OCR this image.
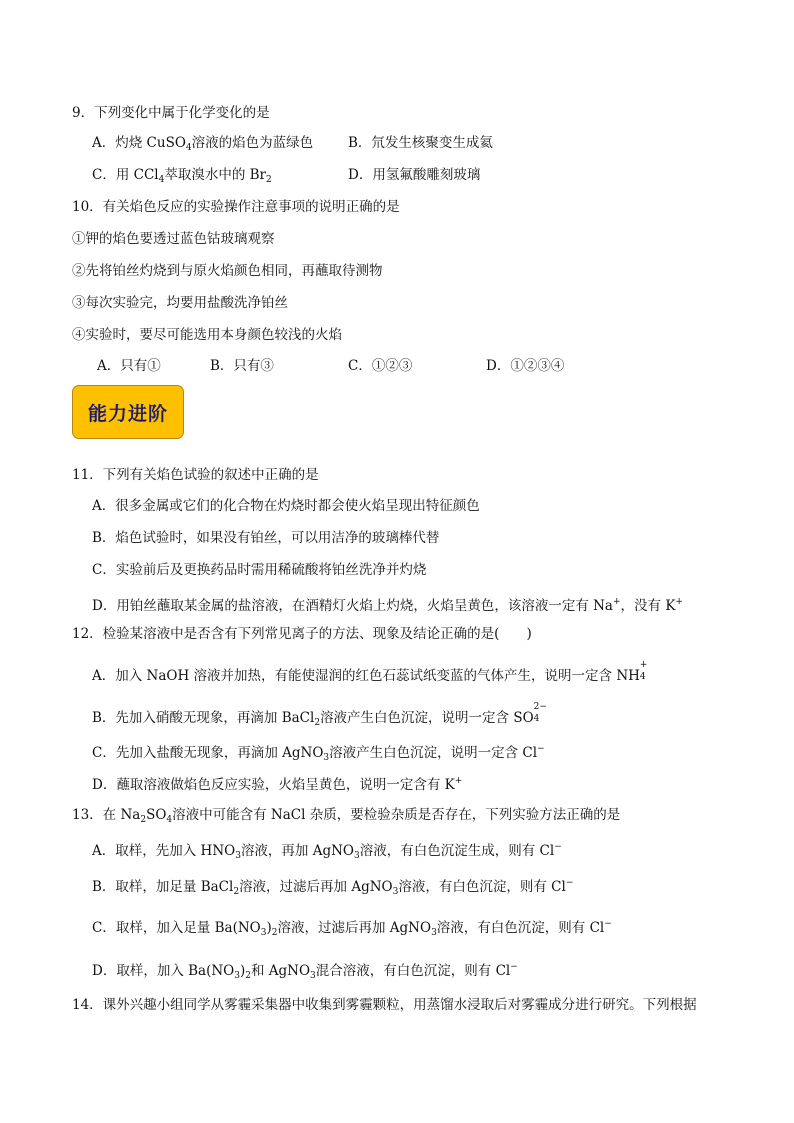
9．下列变化中属于化学变化的是
A．灼烧 CuSO$_4$溶液的焰色为蓝绿色	B．氘发生核聚变生成氦
C．用 CCl$_4$萃取溴水中的 $Br_2$	D．用氢氟酸雕刻玻璃
10．有关焰色反应的实验操作注意事项的说明正确的是
①钾的焰色要透过蓝色钴玻璃观察
②先将铂丝灼烧到与原火焰颜色相同，再蘸取待测物
③每次实验完，均要用盐酸洗净铂丝
④实验时，要尽可能选用本身颜色较浅的火焰
A．只有①	B．只有③	C．①②③	D．①②③④
能力进阶
11．下列有关焰色试验的叙述中正确的是
A．很多金属或它们的化合物在灼烧时都会使火焰呈现出特征颜色
B．焰色试验时，如果没有铂丝，可以用洁净的玻璃棒代替
C．实验前后及更换药品时需用稀硫酸将铂丝洗净并灼烧
D．用铂丝蘸取某金属的盐溶液，在酒精灯火焰上灼烧，火焰呈黄色，该溶液一定有 Na+，没有 K+
12．检验某溶液中是否含有下列常见离子的方法、现象及结论正确的是(　　)
A．加入 NaOH 溶液并加热，有能使湿润的红色石蕊试纸变蓝的气体产生，说明一定含 NH
+
4
B．先加入硝酸无现象，再滴加 BaCl$_2$溶液产生白色沉淀，说明一定含 SO
2−
4
C．先加入盐酸无现象，再滴加 AgNO$_3$溶液产生白色沉淀，说明一定含 Cl−
D．蘸取溶液做焰色反应实验，火焰呈黄色，说明一定含有 K+
13．在 $Na_2SO_4$溶液中可能含有 NaCl 杂质，要检验杂质是否存在，下列实验方法正确的是
A．取样，先加入 $HNO_3$溶液，再加 AgNO$_3$溶液，有白色沉淀生成，则有 Cl−
B．取样，加足量 BaCl$_2$溶液，过滤后再加 AgNO$_3$溶液，有白色沉淀，则有 Cl−
C．取样，加入足量 $Ba(NO_3)_2$溶液，过滤后再加 AgNO$_3$溶液，有白色沉淀，则有 Cl−
D．取样，加入 $Ba(NO_3)_2$和 AgNO$_3$混合溶液，有白色沉淀，则有 Cl−
14．课外兴趣小组同学从雾霾采集器中收集到雾霾颗粒，用蒸馏水浸取后对雾霾成分进行研究。下列根据
